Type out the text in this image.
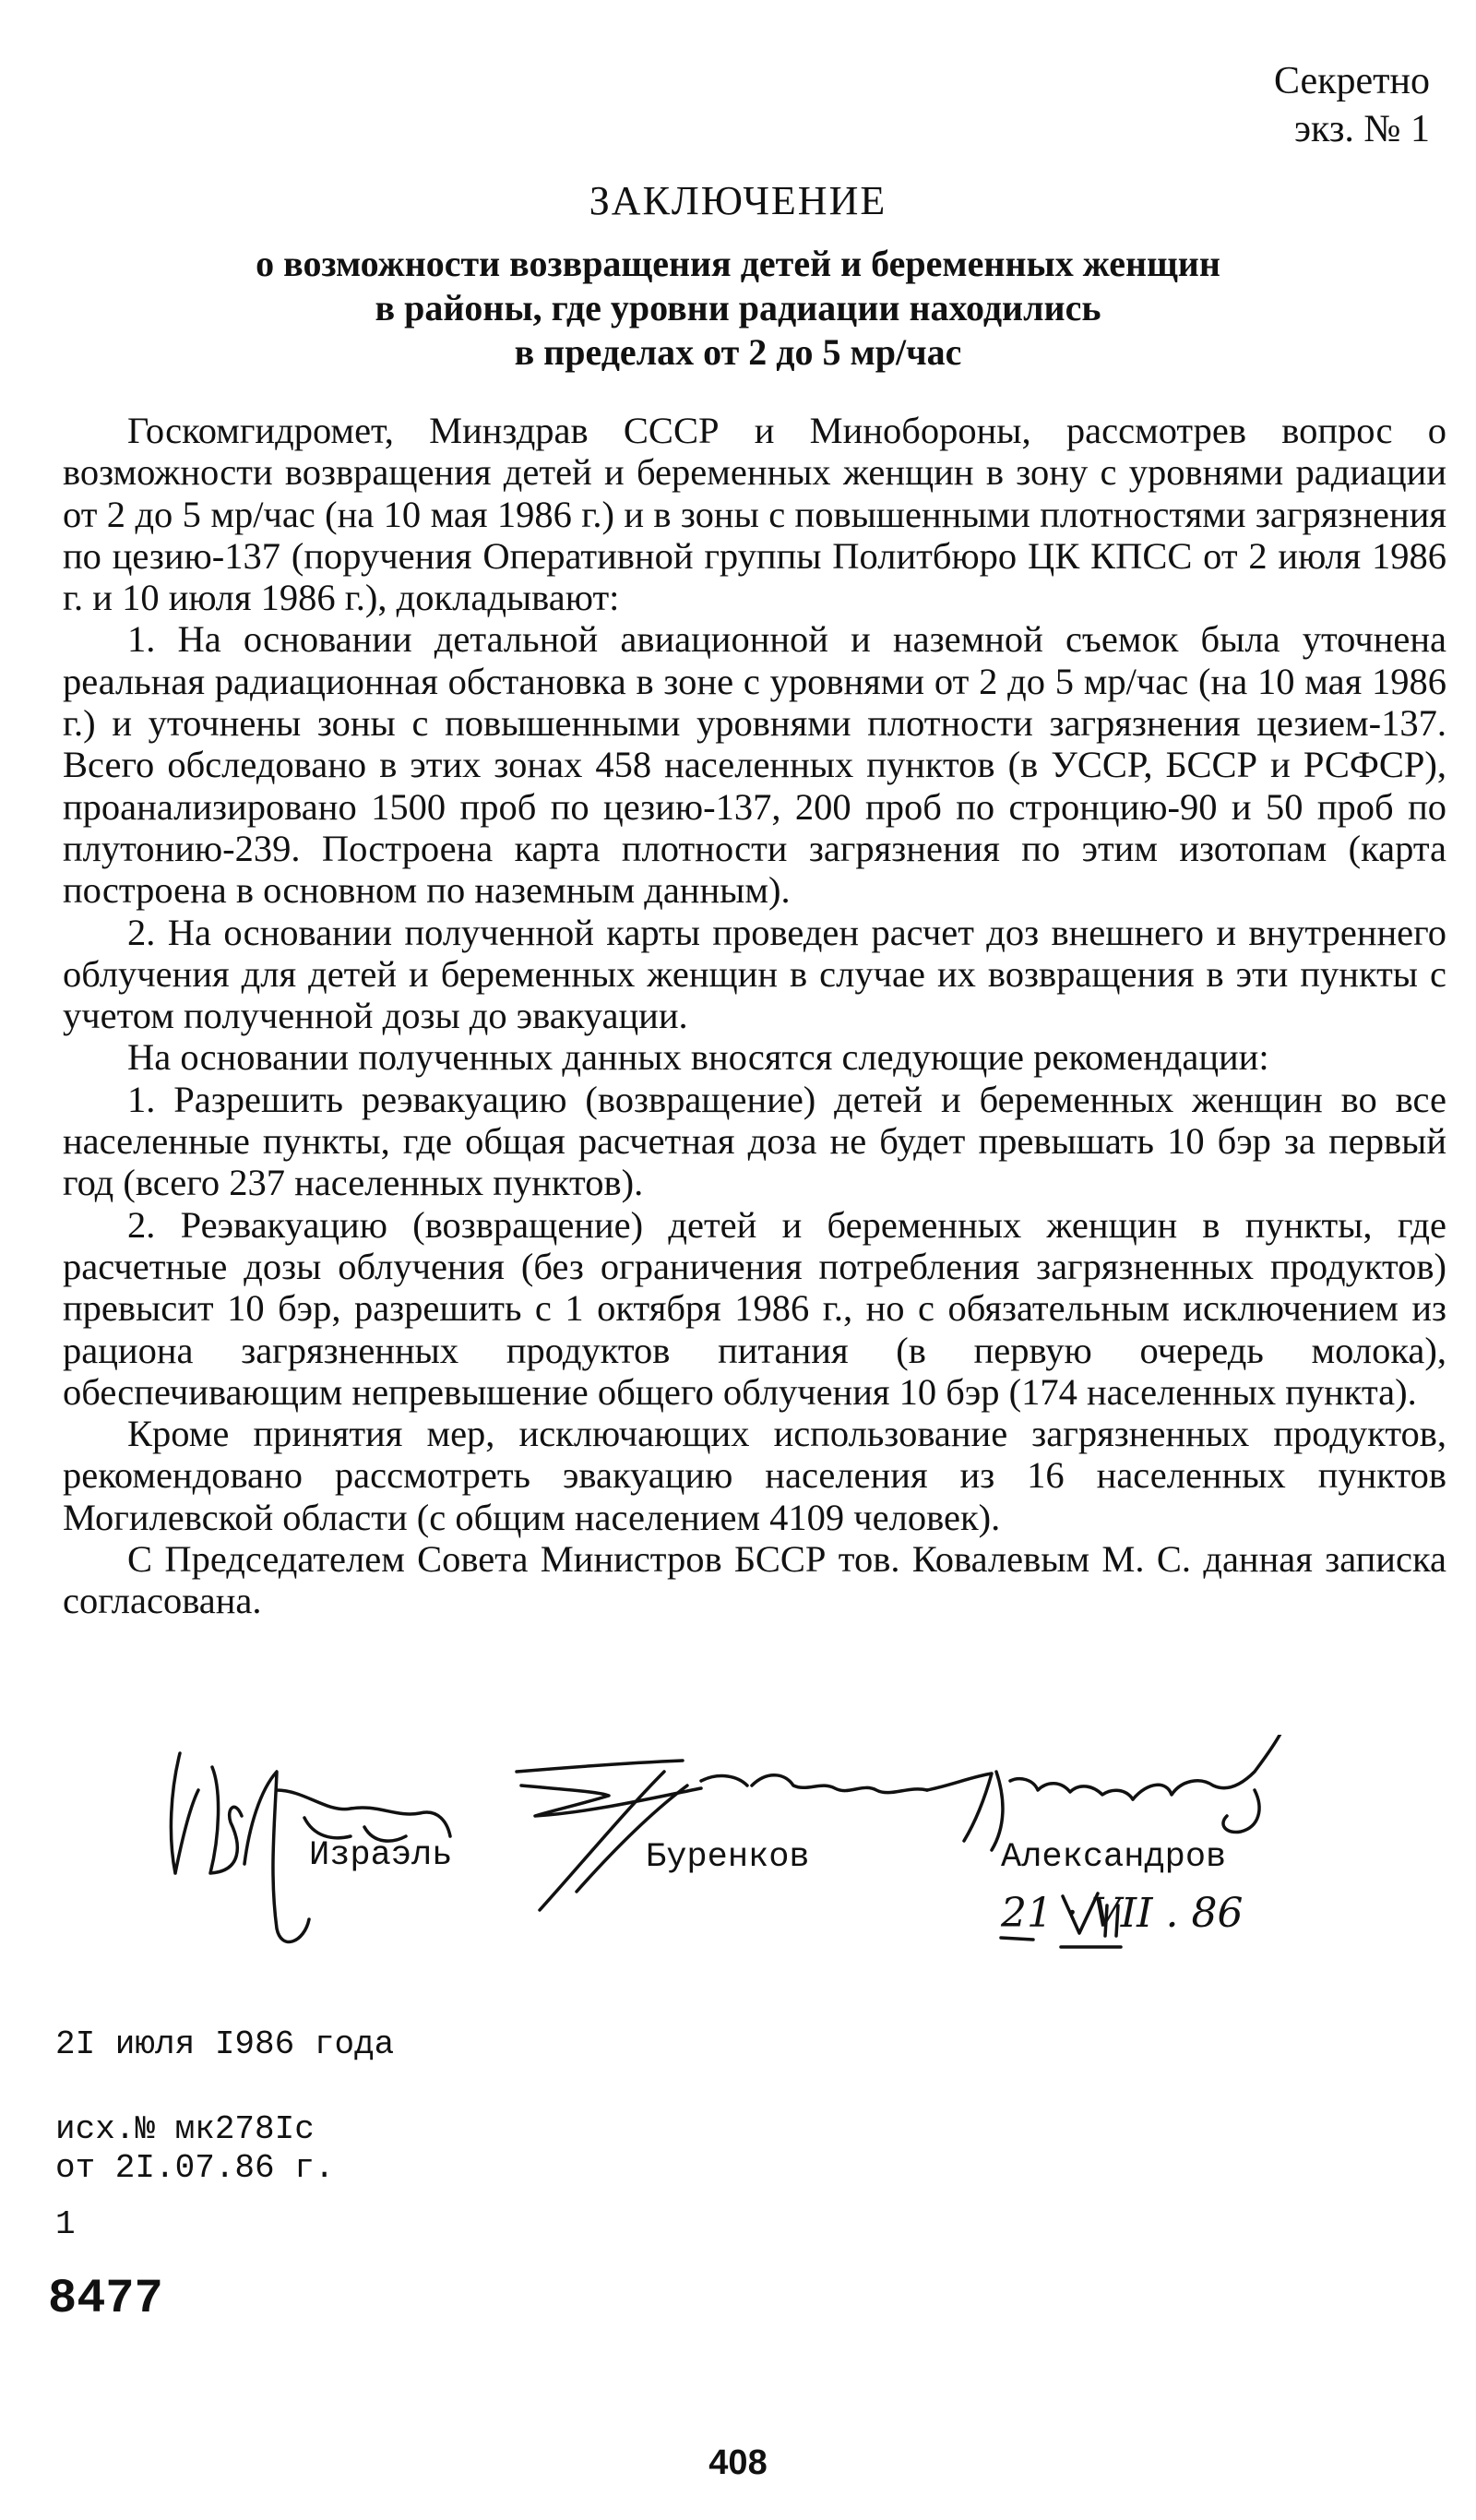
Секретно
экз. № 1
ЗАКЛЮЧЕНИЕ
о возможности возвращения детей и беременных женщин
в районы, где уровни радиации находились
в пределах от 2 до 5 мр/час

Госкомгидромет, Минздрав СССР и Минобороны, рассмотрев вопрос о возможности возвращения детей и беременных женщин в зону с уровнями радиации от 2 до 5 мр/час (на 10 мая 1986 г.) и в зоны с повышенными плотностями загрязнения по цезию-137 (поручения Оперативной группы Политбюро ЦК КПСС от 2 июля 1986 г. и 10 июля 1986 г.), докладывают:

1. На основании детальной авиационной и наземной съемок была уточнена реальная радиационная обстановка в зоне с уровнями от 2 до 5 мр/час (на 10 мая 1986 г.) и уточнены зоны с повышенными уровнями плотности загрязнения цезием-137. Всего обследовано в этих зонах 458 населенных пунктов (в УССР, БССР и РСФСР), проанализировано 1500 проб по цезию-137, 200 проб по стронцию-90 и 50 проб по плутонию-239. Построена карта плотности загрязнения по этим изотопам (карта построена в основном по наземным данным).

2. На основании полученной карты проведен расчет доз внешнего и внутреннего облучения для детей и беременных женщин в случае их возвращения в эти пункты с учетом полученной дозы до эвакуации.

На основании полученных данных вносятся следующие рекомендации:

1. Разрешить реэвакуацию (возвращение) детей и беременных женщин во все населенные пункты, где общая расчетная доза не будет превышать 10 бэр за первый год (всего 237 населенных пунктов).

2. Реэвакуацию (возвращение) детей и беременных женщин в пункты, где расчетные дозы облучения (без ограничения потребления загрязненных продуктов) превысит 10 бэр, разрешить с 1 октября 1986 г., но с обязательным исключением из рациона загрязненных продуктов питания (в первую очередь молока), обеспечивающим непревышение общего облучения 10 бэр (174 населенных пункта).

Кроме принятия мер, исключающих использование загрязненных продуктов, рекомендовано рассмотреть эвакуацию населения из 16 населенных пунктов Могилевской области (с общим населением 4109 человек).

С Председателем Совета Министров БССР тов. Ковалевым М. С. данная записка согласована.

Израэль	Буренков	Александров
21 · VII . 86
2I июля I986 года
исх.№ мк278Iс
от 2I.07.86 г.
1
8477
408
